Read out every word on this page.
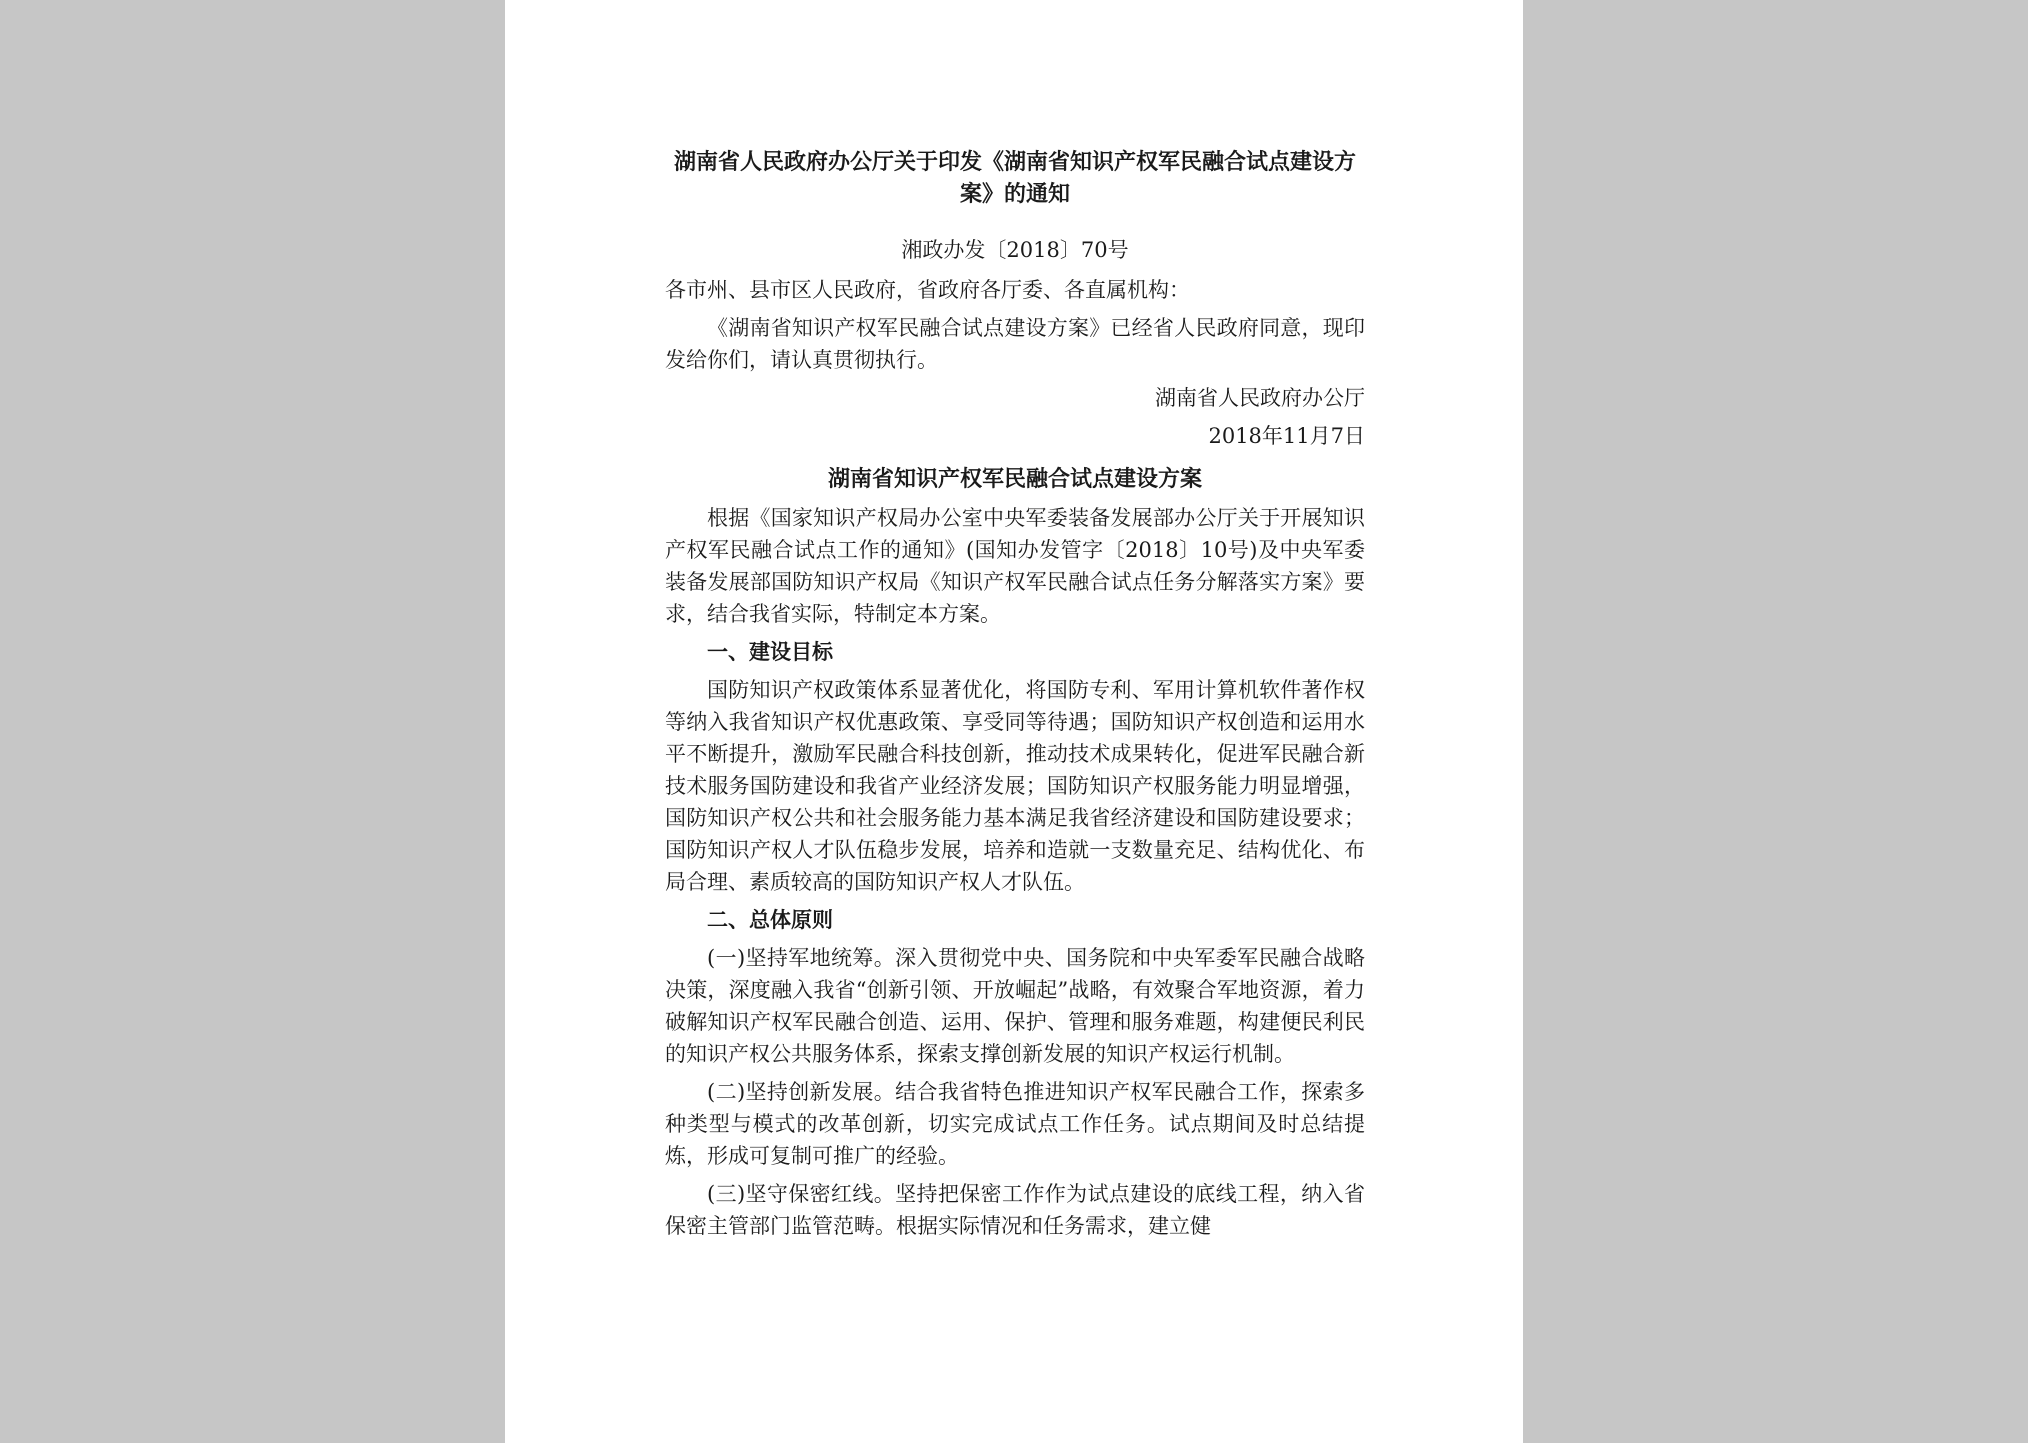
湖南省人民政府办公厅关于印发《湖南省知识产权军民融合试点建设方案》的通知
湘政办发〔2018〕70号

各市州、县市区人民政府，省政府各厅委、各直属机构：

《湖南省知识产权军民融合试点建设方案》已经省人民政府同意，现印发给你们，请认真贯彻执行。

湖南省人民政府办公厅

2018年11月7日

湖南省知识产权军民融合试点建设方案

根据《国家知识产权局办公室中央军委装备发展部办公厅关于开展知识产权军民融合试点工作的通知》(国知办发管字〔2018〕10号)及中央军委装备发展部国防知识产权局《知识产权军民融合试点任务分解落实方案》要求，结合我省实际，特制定本方案。

一、建设目标

国防知识产权政策体系显著优化，将国防专利、军用计算机软件著作权等纳入我省知识产权优惠政策、享受同等待遇；国防知识产权创造和运用水平不断提升，激励军民融合科技创新，推动技术成果转化，促进军民融合新技术服务国防建设和我省产业经济发展；国防知识产权服务能力明显增强，国防知识产权公共和社会服务能力基本满足我省经济建设和国防建设要求；国防知识产权人才队伍稳步发展，培养和造就一支数量充足、结构优化、布局合理、素质较高的国防知识产权人才队伍。

二、总体原则

(一)坚持军地统筹。深入贯彻党中央、国务院和中央军委军民融合战略决策，深度融入我省“创新引领、开放崛起”战略，有效聚合军地资源，着力破解知识产权军民融合创造、运用、保护、管理和服务难题，构建便民利民的知识产权公共服务体系，探索支撑创新发展的知识产权运行机制。

(二)坚持创新发展。结合我省特色推进知识产权军民融合工作，探索多种类型与模式的改革创新，切实完成试点工作任务。试点期间及时总结提炼，形成可复制可推广的经验。

(三)坚守保密红线。坚持把保密工作作为试点建设的底线工程，纳入省保密主管部门监管范畴。根据实际情况和任务需求，建立健
